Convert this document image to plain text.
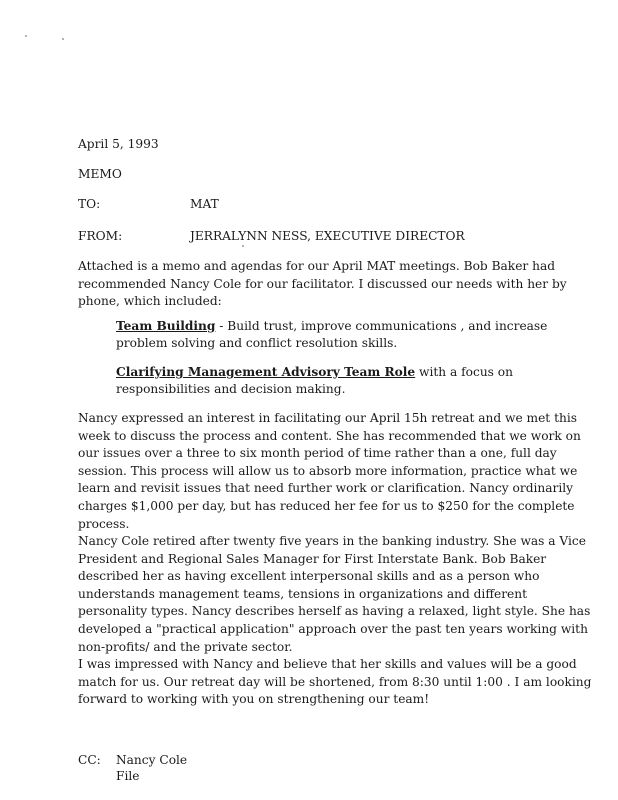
April 5, 1993
MEMO
TO:	MAT
FROM:	JERRALYNN NESS, EXECUTIVE DIRECTOR

Attached is a memo and agendas for our April MAT meetings. Bob Baker had recommended Nancy Cole for our facilitator. I discussed our needs with her by phone, which included:

Team Building - Build trust, improve communications , and increase problem solving and conflict resolution skills.
Clarifying Management Advisory Team Role with a focus on responsibilities and decision making.

Nancy expressed an interest in facilitating our April 15h retreat and we met this week to discuss the process and content. She has recommended that we work on our issues over a three to six month period of time rather than a one, full day session. This process will allow us to absorb more information, practice what we learn and revisit issues that need further work or clarification. Nancy ordinarily charges $1,000 per day, but has reduced her fee for us to $250 for the complete process.

Nancy Cole retired after twenty five years in the banking industry. She was a Vice President and Regional Sales Manager for First Interstate Bank. Bob Baker described her as having excellent interpersonal skills and as a person who understands management teams, tensions in organizations and different personality types. Nancy describes herself as having a relaxed, light style. She has developed a "practical application" approach over the past ten years working with non-profits/ and the private sector.

I was impressed with Nancy and believe that her skills and values will be a good match for us. Our retreat day will be shortened, from 8:30 until 1:00 . I am looking forward to working with you on strengthening our team!

CC: Nancy Cole
File
